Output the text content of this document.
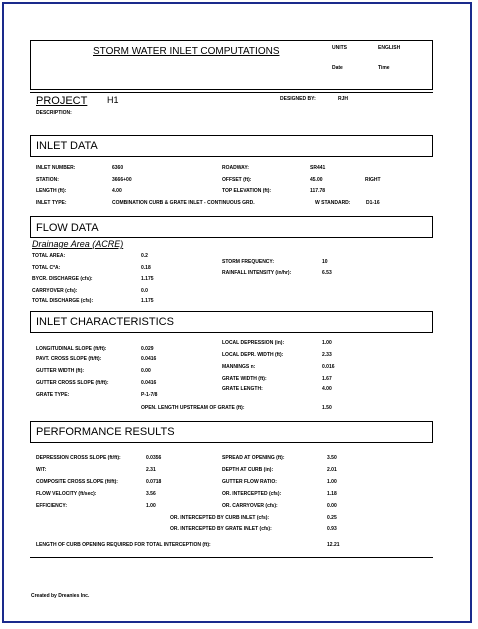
STORM WATER INLET COMPUTATIONS	UNITS	ENGLISH
Date	Time
PROJECT H1	DESIGNED BY:	RJH
DESCRIPTION:
INLET DATA
INLET NUMBER:	6360
STATION:	3666+00
LENGTH (ft):	4.00
INLET TYPE:	COMBINATION CURB & GRATE INLET - CONTINUOUS GRD.
ROADWAY:	SR441
OFFSET (ft):	45.00	RIGHT
TOP ELEVATION (ft):	117.78
W STANDARD:	D1-16
FLOW DATA
Drainage Area (ACRE)
TOTAL AREA:	0.2
TOTAL C*A:	0.18
BYCR. DISCHARGE (cfs):	1.175
CARRYOVER (cfs):	0.0
TOTAL DISCHARGE (cfs):	1.175
STORM FREQUENCY:	10
RAINFALL INTENSITY (in/hr):	6.53
INLET CHARACTERISTICS
LONGITUDINAL SLOPE (ft/ft):	0.029
PAVT. CROSS SLOPE (ft/ft):	0.0416
GUTTER WIDTH (ft):	0.00
GUTTER CROSS SLOPE (ft/ft):	0.0416
GRATE TYPE:	P-1-7/8
LOCAL DEPRESSION (in):	1.00
LOCAL DEPR. WIDTH (ft):	2.33
MANNINGS n:	0.016
GRATE WIDTH (ft):	1.67
GRATE LENGTH:	4.00
OPEN. LENGTH UPSTREAM OF GRATE (ft):	1.50
PERFORMANCE RESULTS
DEPRESSION CROSS SLOPE (ft/ft):	0.0356
W/T:	2.31
COMPOSITE CROSS SLOPE (ft/ft):	0.0718
FLOW VELOCITY (ft/sec):	3.56
EFFICIENCY:	1.00
SPREAD AT OPENING (ft):	3.50
DEPTH AT CURB (in):	2.01
GUTTER FLOW RATIO:	1.00
OR. INTERCEPTED (cfs):	1.18
OR. CARRYOVER (cfs):	0.00
OR. INTERCEPTED BY CURB INLET (cfs):	0.25
OR. INTERCEPTED BY GRATE INLET (cfs):	0.93
LENGTH OF CURB OPENING REQUIRED FOR TOTAL INTERCEPTION (ft):	12.21
Created by Dreanies Inc.
